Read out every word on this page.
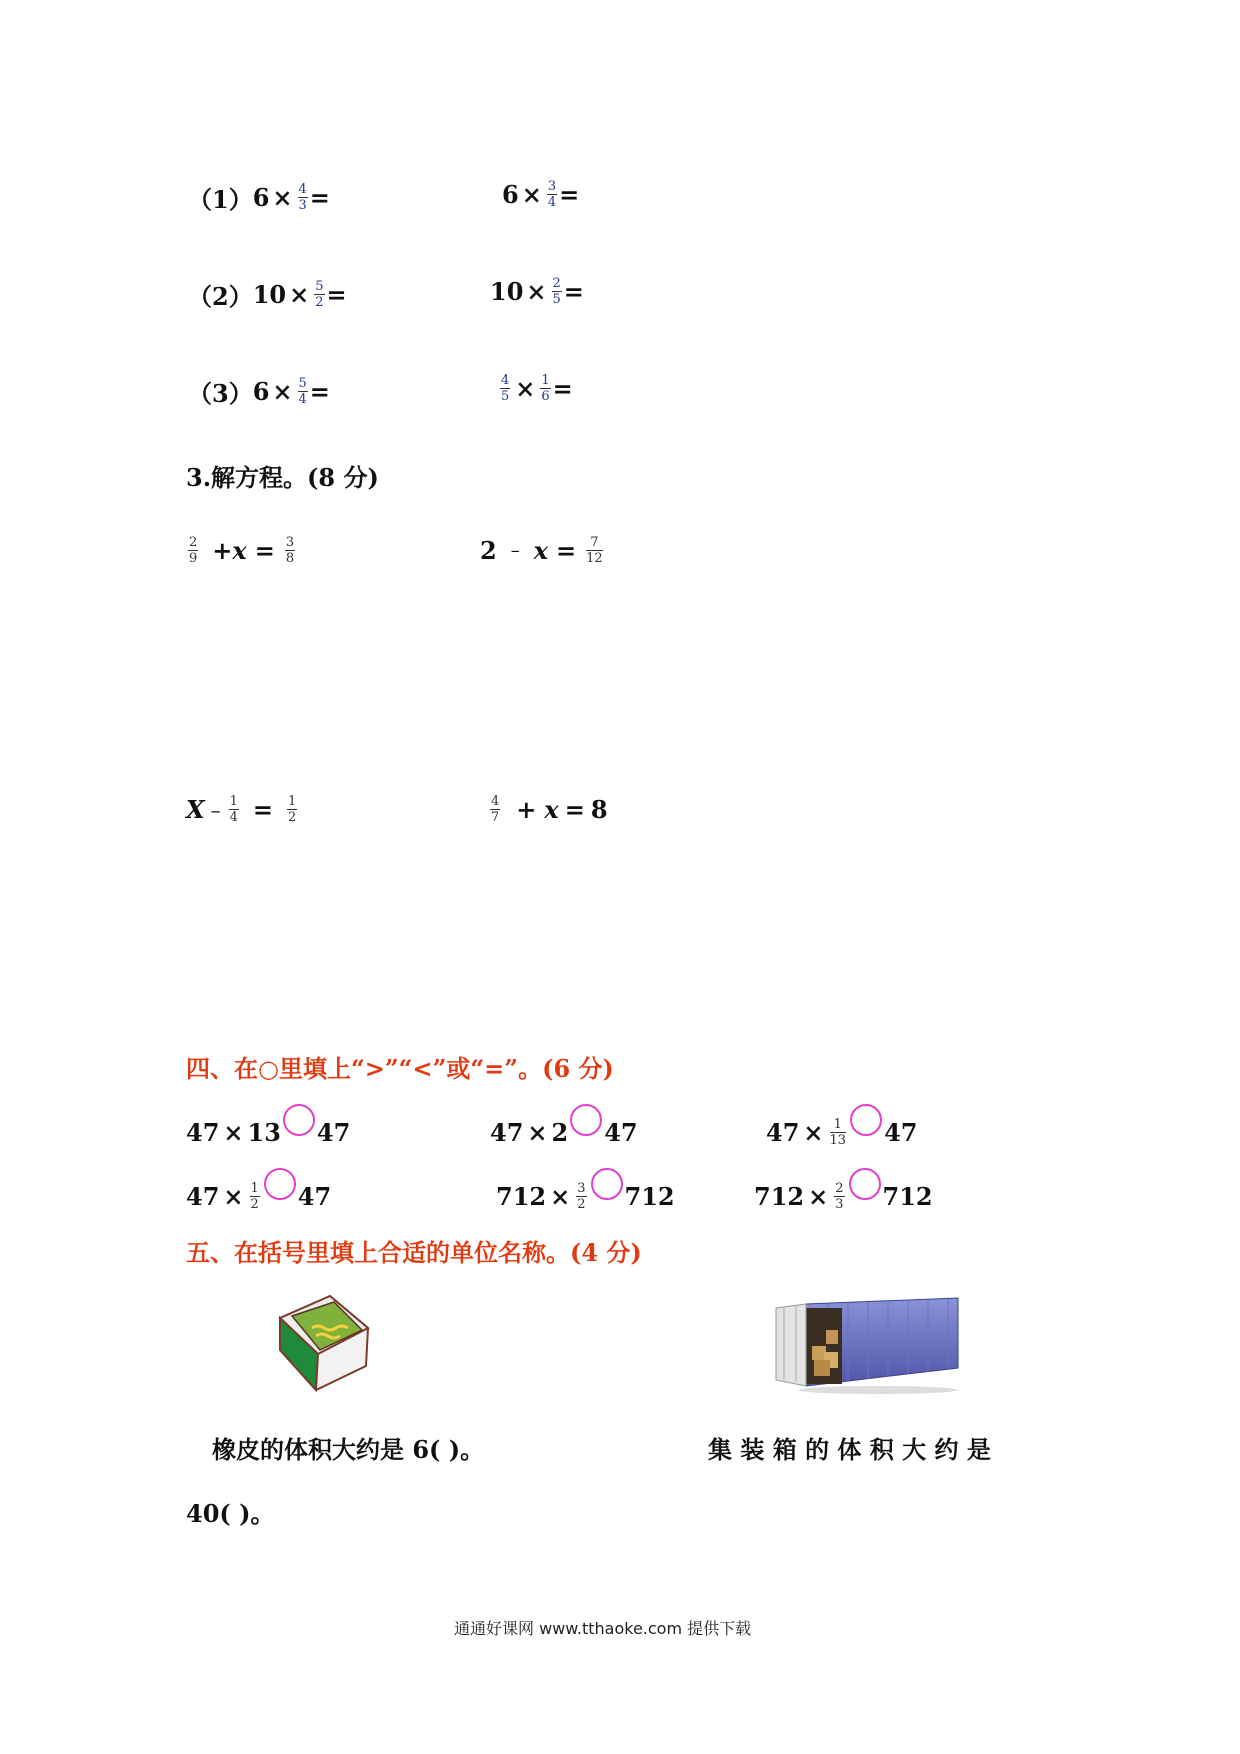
（1） $6 \times \frac{4}{3}$ =	$6 \times \frac{3}{4}$ =
（2） $10 \times \frac{5}{2}$ =	$10 \times \frac{2}{5}$ =
（3） $6 \times \frac{5}{4}$ =	$\frac{4}{5} \times \frac{1}{6}$ =
3.解方程。(8 分)
$\frac{2}{9} + x = \frac{3}{8}$	$2 - x = \frac{7}{12}$
$X - \frac{1}{4} = \frac{1}{2}$	$\frac{4}{7} + x = 8$
四、在○里填上“>”“<”或“=”。(6 分)
47 × 13 47	47 × 2 47	$47 \times \frac{1}{13} 47$
$47 \times \frac{1}{2} 47$	$712 \times \frac{3}{2} 712$	$712 \times \frac{2}{3} 712$
五、在括号里填上合适的单位名称。(4 分)
橡皮的体积大约是 6( )。	集 装 箱 的 体 积 大 约 是
40( )。
通通好课网 www.tthaoke.com 提供下载
